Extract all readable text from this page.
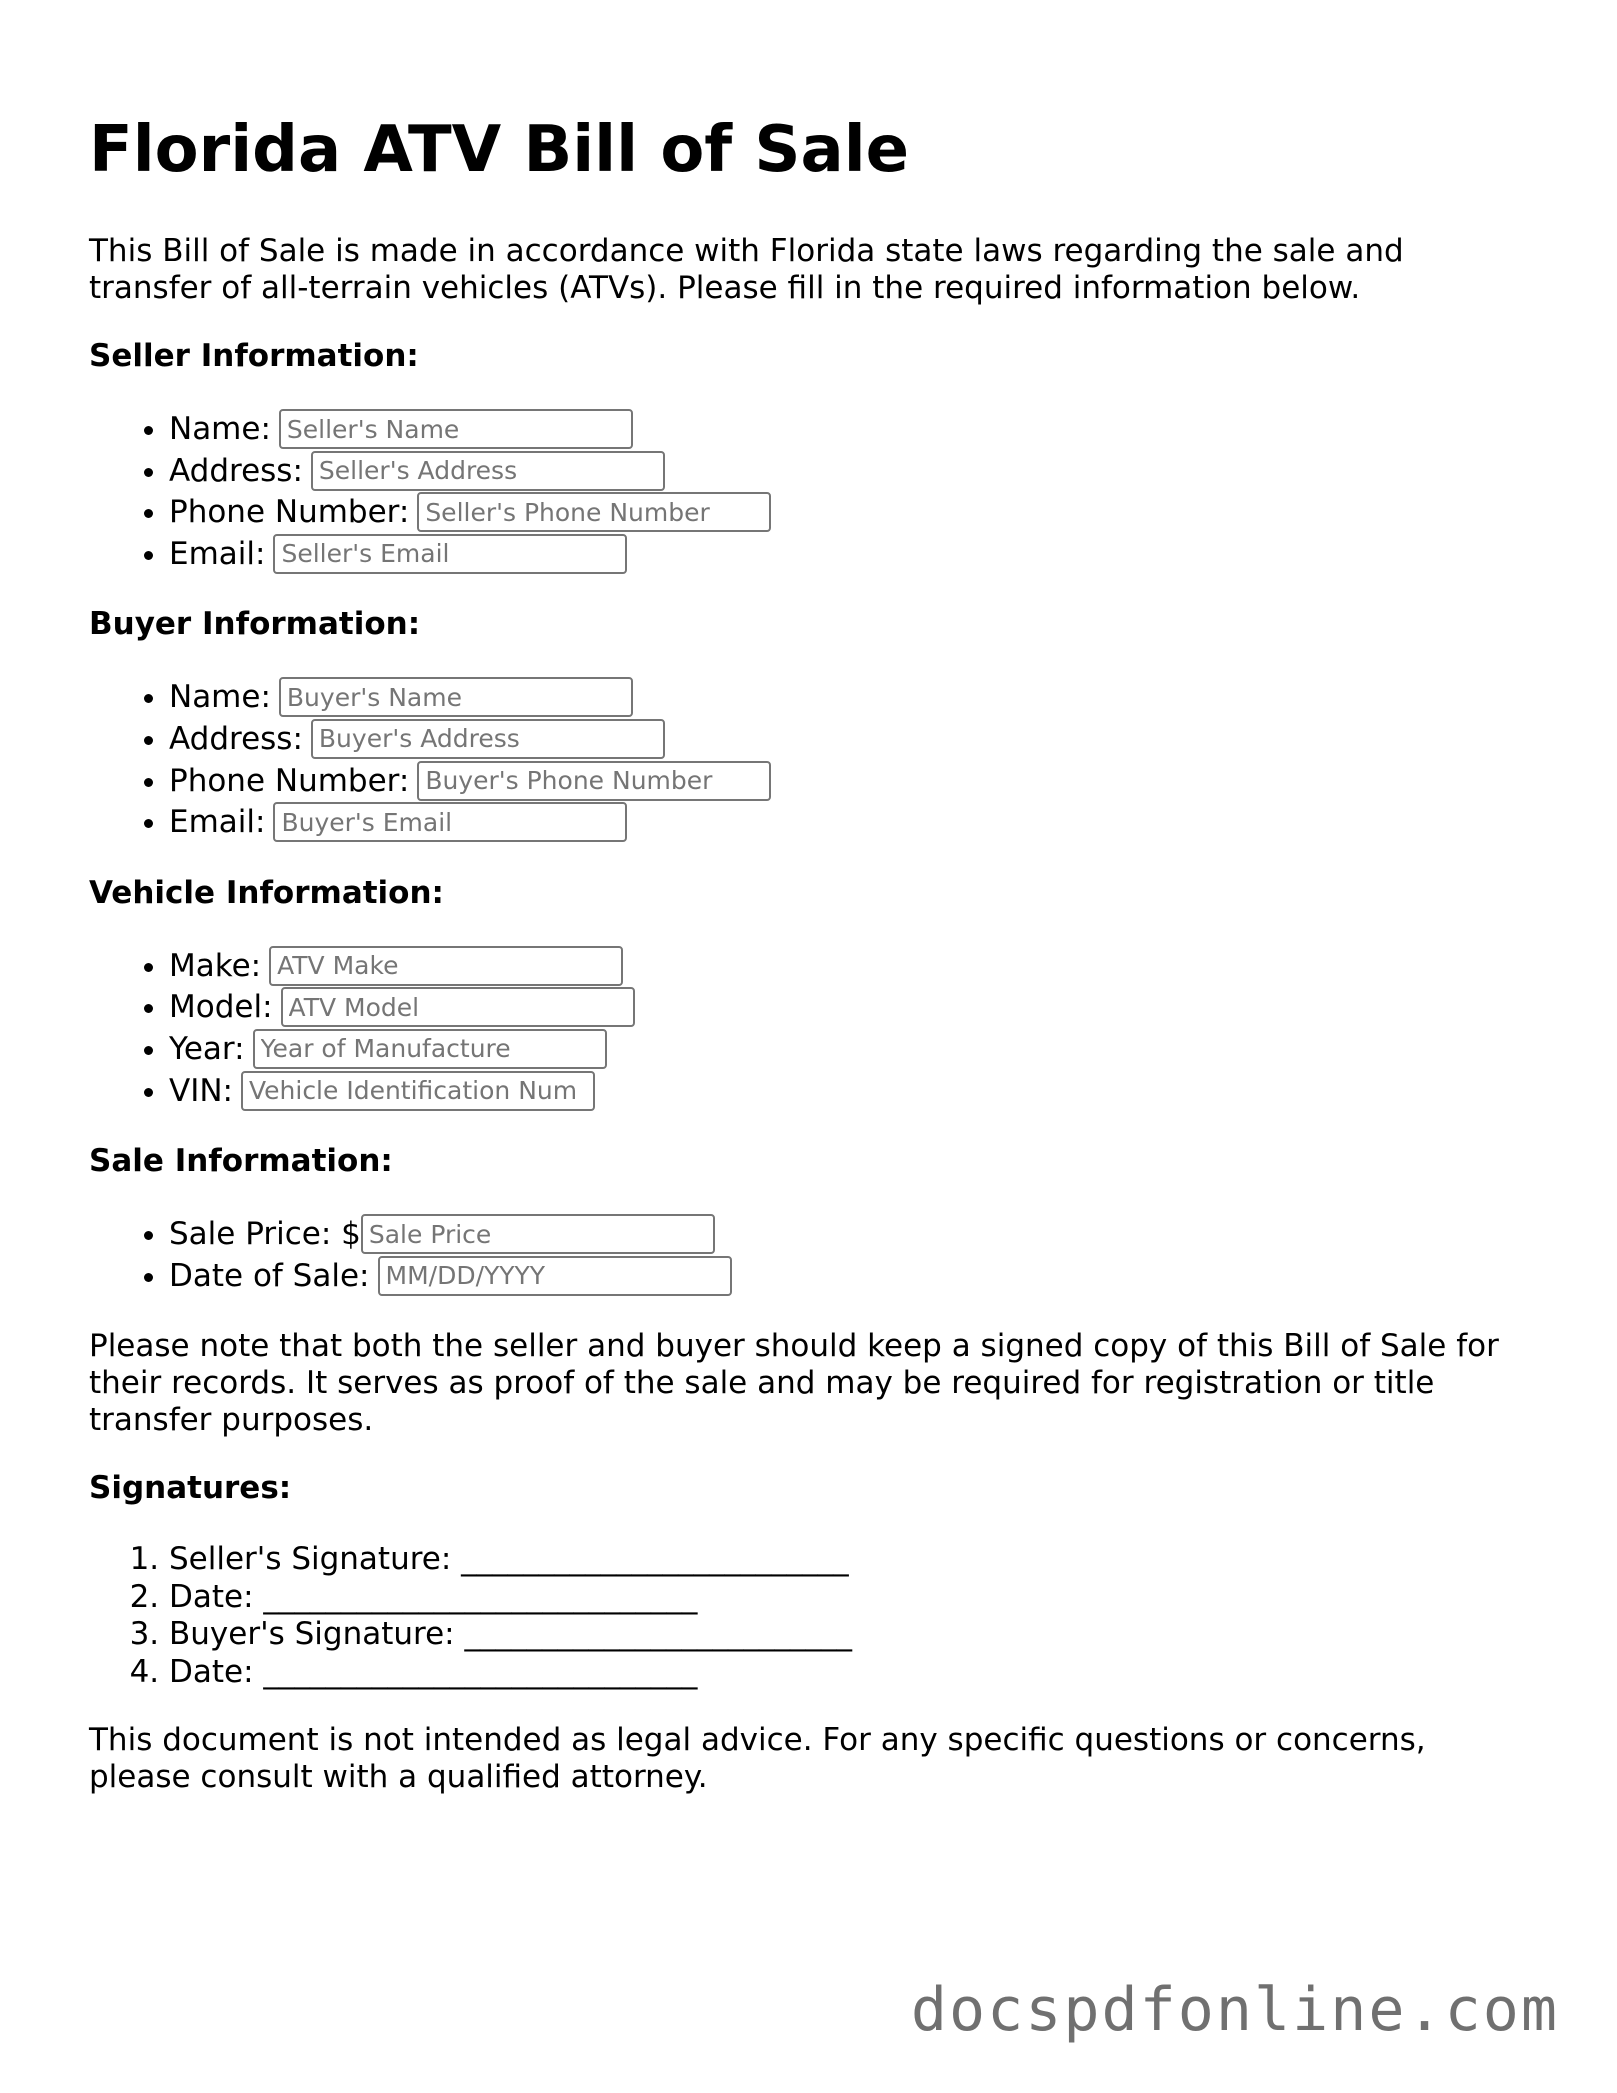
Florida ATV Bill of Sale

This Bill of Sale is made in accordance with Florida state laws regarding the sale and transfer of all-terrain vehicles (ATVs). Please fill in the required information below.

Seller Information:
• Name:Seller's Name
• Address:Seller's Address
• Phone Number:Seller's Phone Number
• Email:Seller's Email
Buyer Information:
• Name:Buyer's Name
• Address:Buyer's Address
• Phone Number:Buyer's Phone Number
• Email:Buyer's Email
Vehicle Information:
• Make:ATV Make
• Model:ATV Model
• Year:Year of Manufacture
• VIN:Vehicle Identification Num
Sale Information:
• Sale Price: $Sale Price
• Date of Sale:MM/DD/YYYY

Please note that both the seller and buyer should keep a signed copy of this Bill of Sale for their records. It serves as proof of the sale and may be required for registration or title transfer purposes.

Signatures:
1. Seller's Signature: _________________________
2. Date: ____________________________
3. Buyer's Signature: _________________________
4. Date: ____________________________

This document is not intended as legal advice. For any specific questions or concerns, please consult with a qualified attorney.

docspdfonline.com
